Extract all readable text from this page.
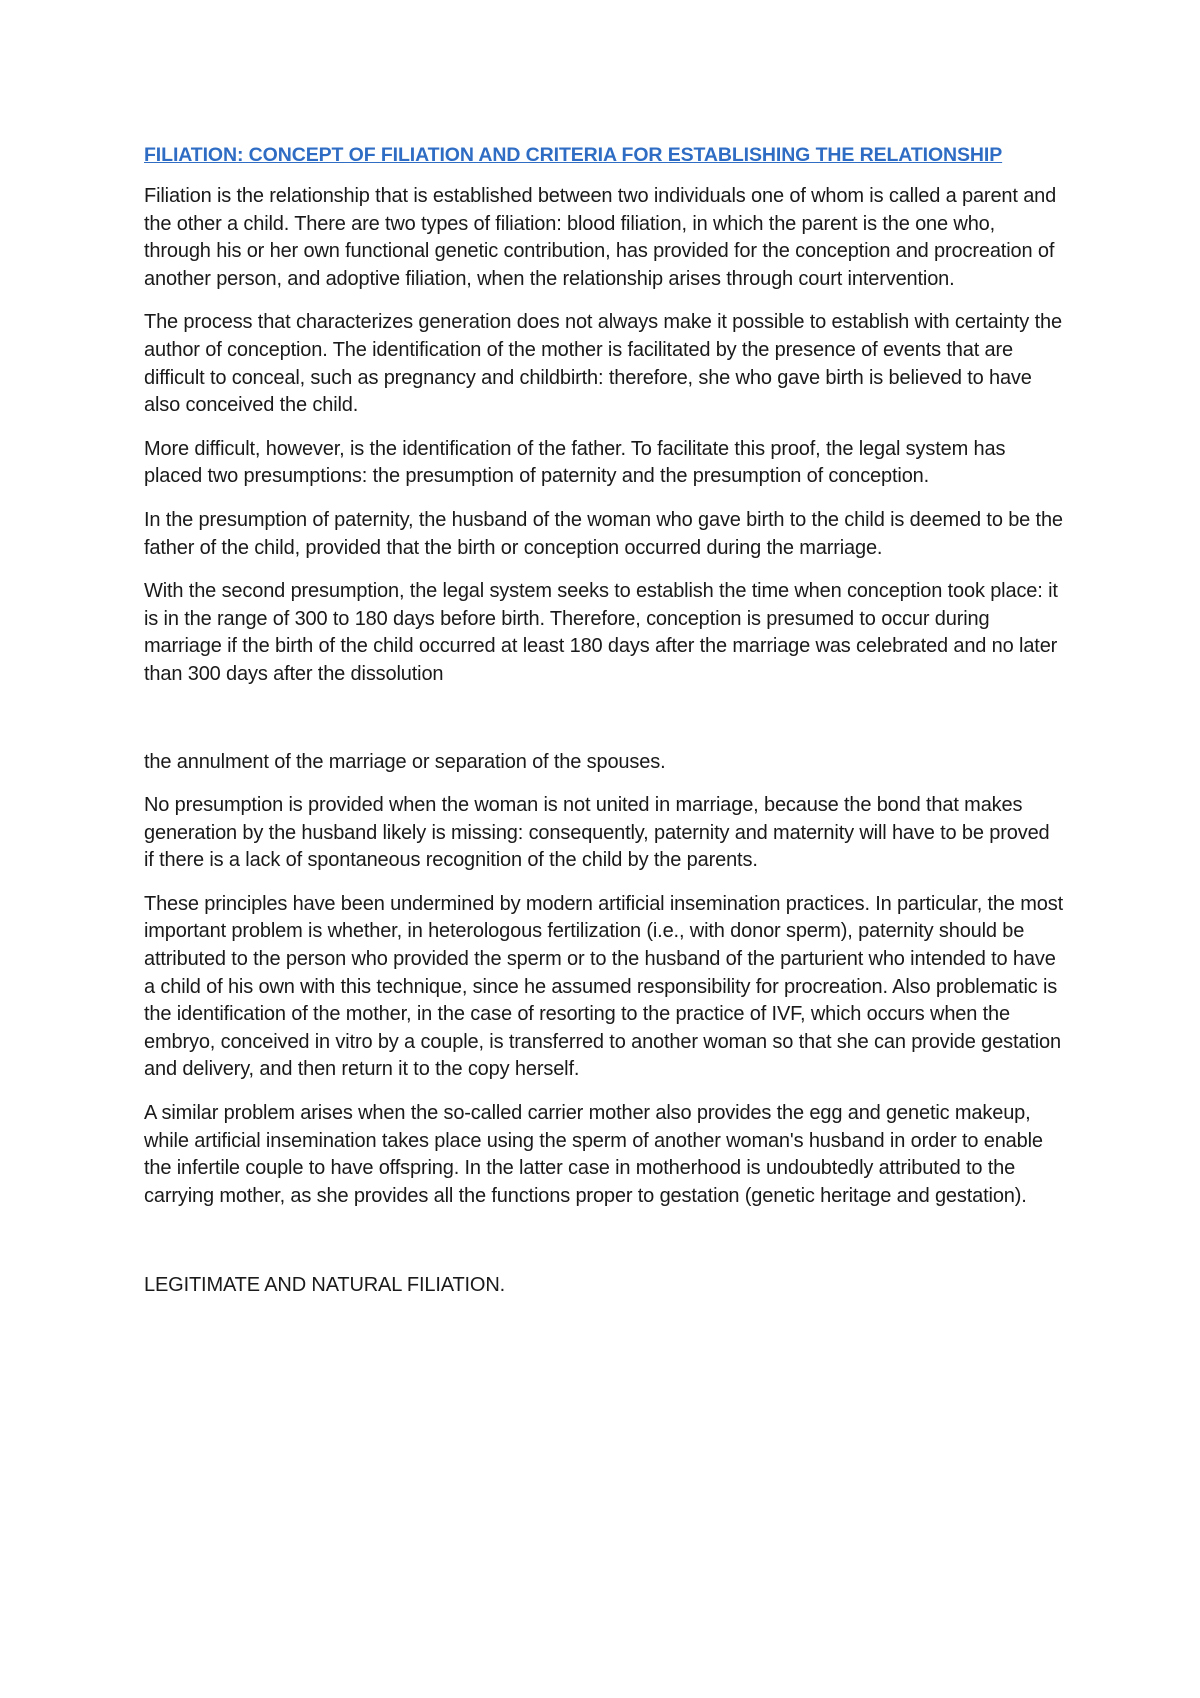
FILIATION: CONCEPT OF FILIATION AND CRITERIA FOR ESTABLISHING THE RELATIONSHIP

Filiation is the relationship that is established between two individuals one of whom is called a parent and the other a child. There are two types of filiation: blood filiation, in which the parent is the one who, through his or her own functional genetic contribution, has provided for the conception and procreation of another person, and adoptive filiation, when the relationship arises through court intervention.

The process that characterizes generation does not always make it possible to establish with certainty the author of conception. The identification of the mother is facilitated by the presence of events that are difficult to conceal, such as pregnancy and childbirth: therefore, she who gave birth is believed to have also conceived the child.

More difficult, however, is the identification of the father. To facilitate this proof, the legal system has placed two presumptions: the presumption of paternity and the presumption of conception.

In the presumption of paternity, the husband of the woman who gave birth to the child is deemed to be the father of the child, provided that the birth or conception occurred during the marriage.

With the second presumption, the legal system seeks to establish the time when conception took place: it is in the range of 300 to 180 days before birth. Therefore, conception is presumed to occur during marriage if the birth of the child occurred at least 180 days after the marriage was celebrated and no later than 300 days after the dissolution

the annulment of the marriage or separation of the spouses.

No presumption is provided when the woman is not united in marriage, because the bond that makes generation by the husband likely is missing: consequently, paternity and maternity will have to be proved if there is a lack of spontaneous recognition of the child by the parents.

These principles have been undermined by modern artificial insemination practices. In particular, the most important problem is whether, in heterologous fertilization (i.e., with donor sperm), paternity should be attributed to the person who provided the sperm or to the husband of the parturient who intended to have a child of his own with this technique, since he assumed responsibility for procreation. Also problematic is the identification of the mother, in the case of resorting to the practice of IVF, which occurs when the embryo, conceived in vitro by a couple, is transferred to another woman so that she can provide gestation and delivery, and then return it to the copy herself.

A similar problem arises when the so-called carrier mother also provides the egg and genetic makeup, while artificial insemination takes place using the sperm of another woman's husband in order to enable the infertile couple to have offspring. In the latter case in motherhood is undoubtedly attributed to the carrying mother, as she provides all the functions proper to gestation (genetic heritage and gestation).

LEGITIMATE AND NATURAL FILIATION.
